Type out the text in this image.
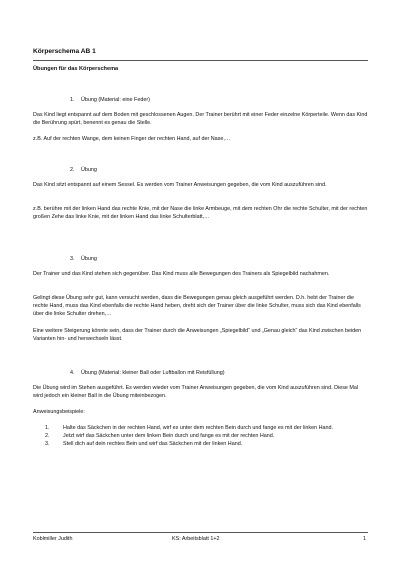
Körperschema AB 1
Übungen für das Körperschema
1. Übung (Material: eine Feder)
Das Kind liegt entspannt auf dem Boden mit geschlossenen Augen. Der Trainer berührt mit einer Feder einzelne Körperteile. Wenn das Kind die Berührung spürt, benennt es genau die Stelle.
z.B. Auf der rechten Wange, dem keinen Finger der rechten Hand, auf der Nase,…
2. Übung
Das Kind sitzt entspannt auf einem Sessel. Es werden vom Trainer Anweisungen gegeben, die vom Kind auszuführen sind.
z.B. berühre mit der linken Hand das rechte Knie, mit der Nase die linke Armbeuge, mit dem rechten Ohr die rechte Schulter, mit der rechten großen Zehe das linke Knie, mit der linken Hand das linke Schulterblatt,…
3. Übung
Der Trainer und das Kind stehen sich gegenüber. Das Kind muss alle Bewegungen des Trainers als Spiegelbild nachahmen.
Gelingt diese Übung sehr gut, kann versucht werden, dass die Bewegungen genau gleich ausgeführt werden. D.h. hebt der Trainer die rechte Hand, muss das Kind ebenfalls die rechte Hand heben, dreht sich der Trainer über die linke Schulter, muss sich das Kind ebenfalls über die linke Schulter drehen,…
Eine weitere Steigerung könnte sein, dass der Trainer durch die Anweisungen „Spiegelbild“ und „Genau gleich“ das Kind zwischen beiden Varianten hin- und herwechseln lässt.
4. Übung (Material: kleiner Ball oder Luftballon mit Reisfüllung)
Die Übung wird im Stehen ausgeführt. Es werden wieder vom Trainer Anweisungen gegeben, die vom Kind auszuführen sind. Diese Mal wird jedoch ein kleiner Ball in die Übung miteinbezogen.
Anweisungsbeispiele:
1.	Halte das Säckchen in der rechten Hand, wirf es unter dem rechten Bein durch und fange es mit der linken Hand.
2.	Jetzt wirf das Säckchen unter dem linken Bein durch und fange es mit der rechten Hand.
3.	Stell dich auf dein rechtes Bein und wirf das Säckchen mit der linken Hand.
Koblmiller Judith	KS: Arbeitsblatt 1+2	1
